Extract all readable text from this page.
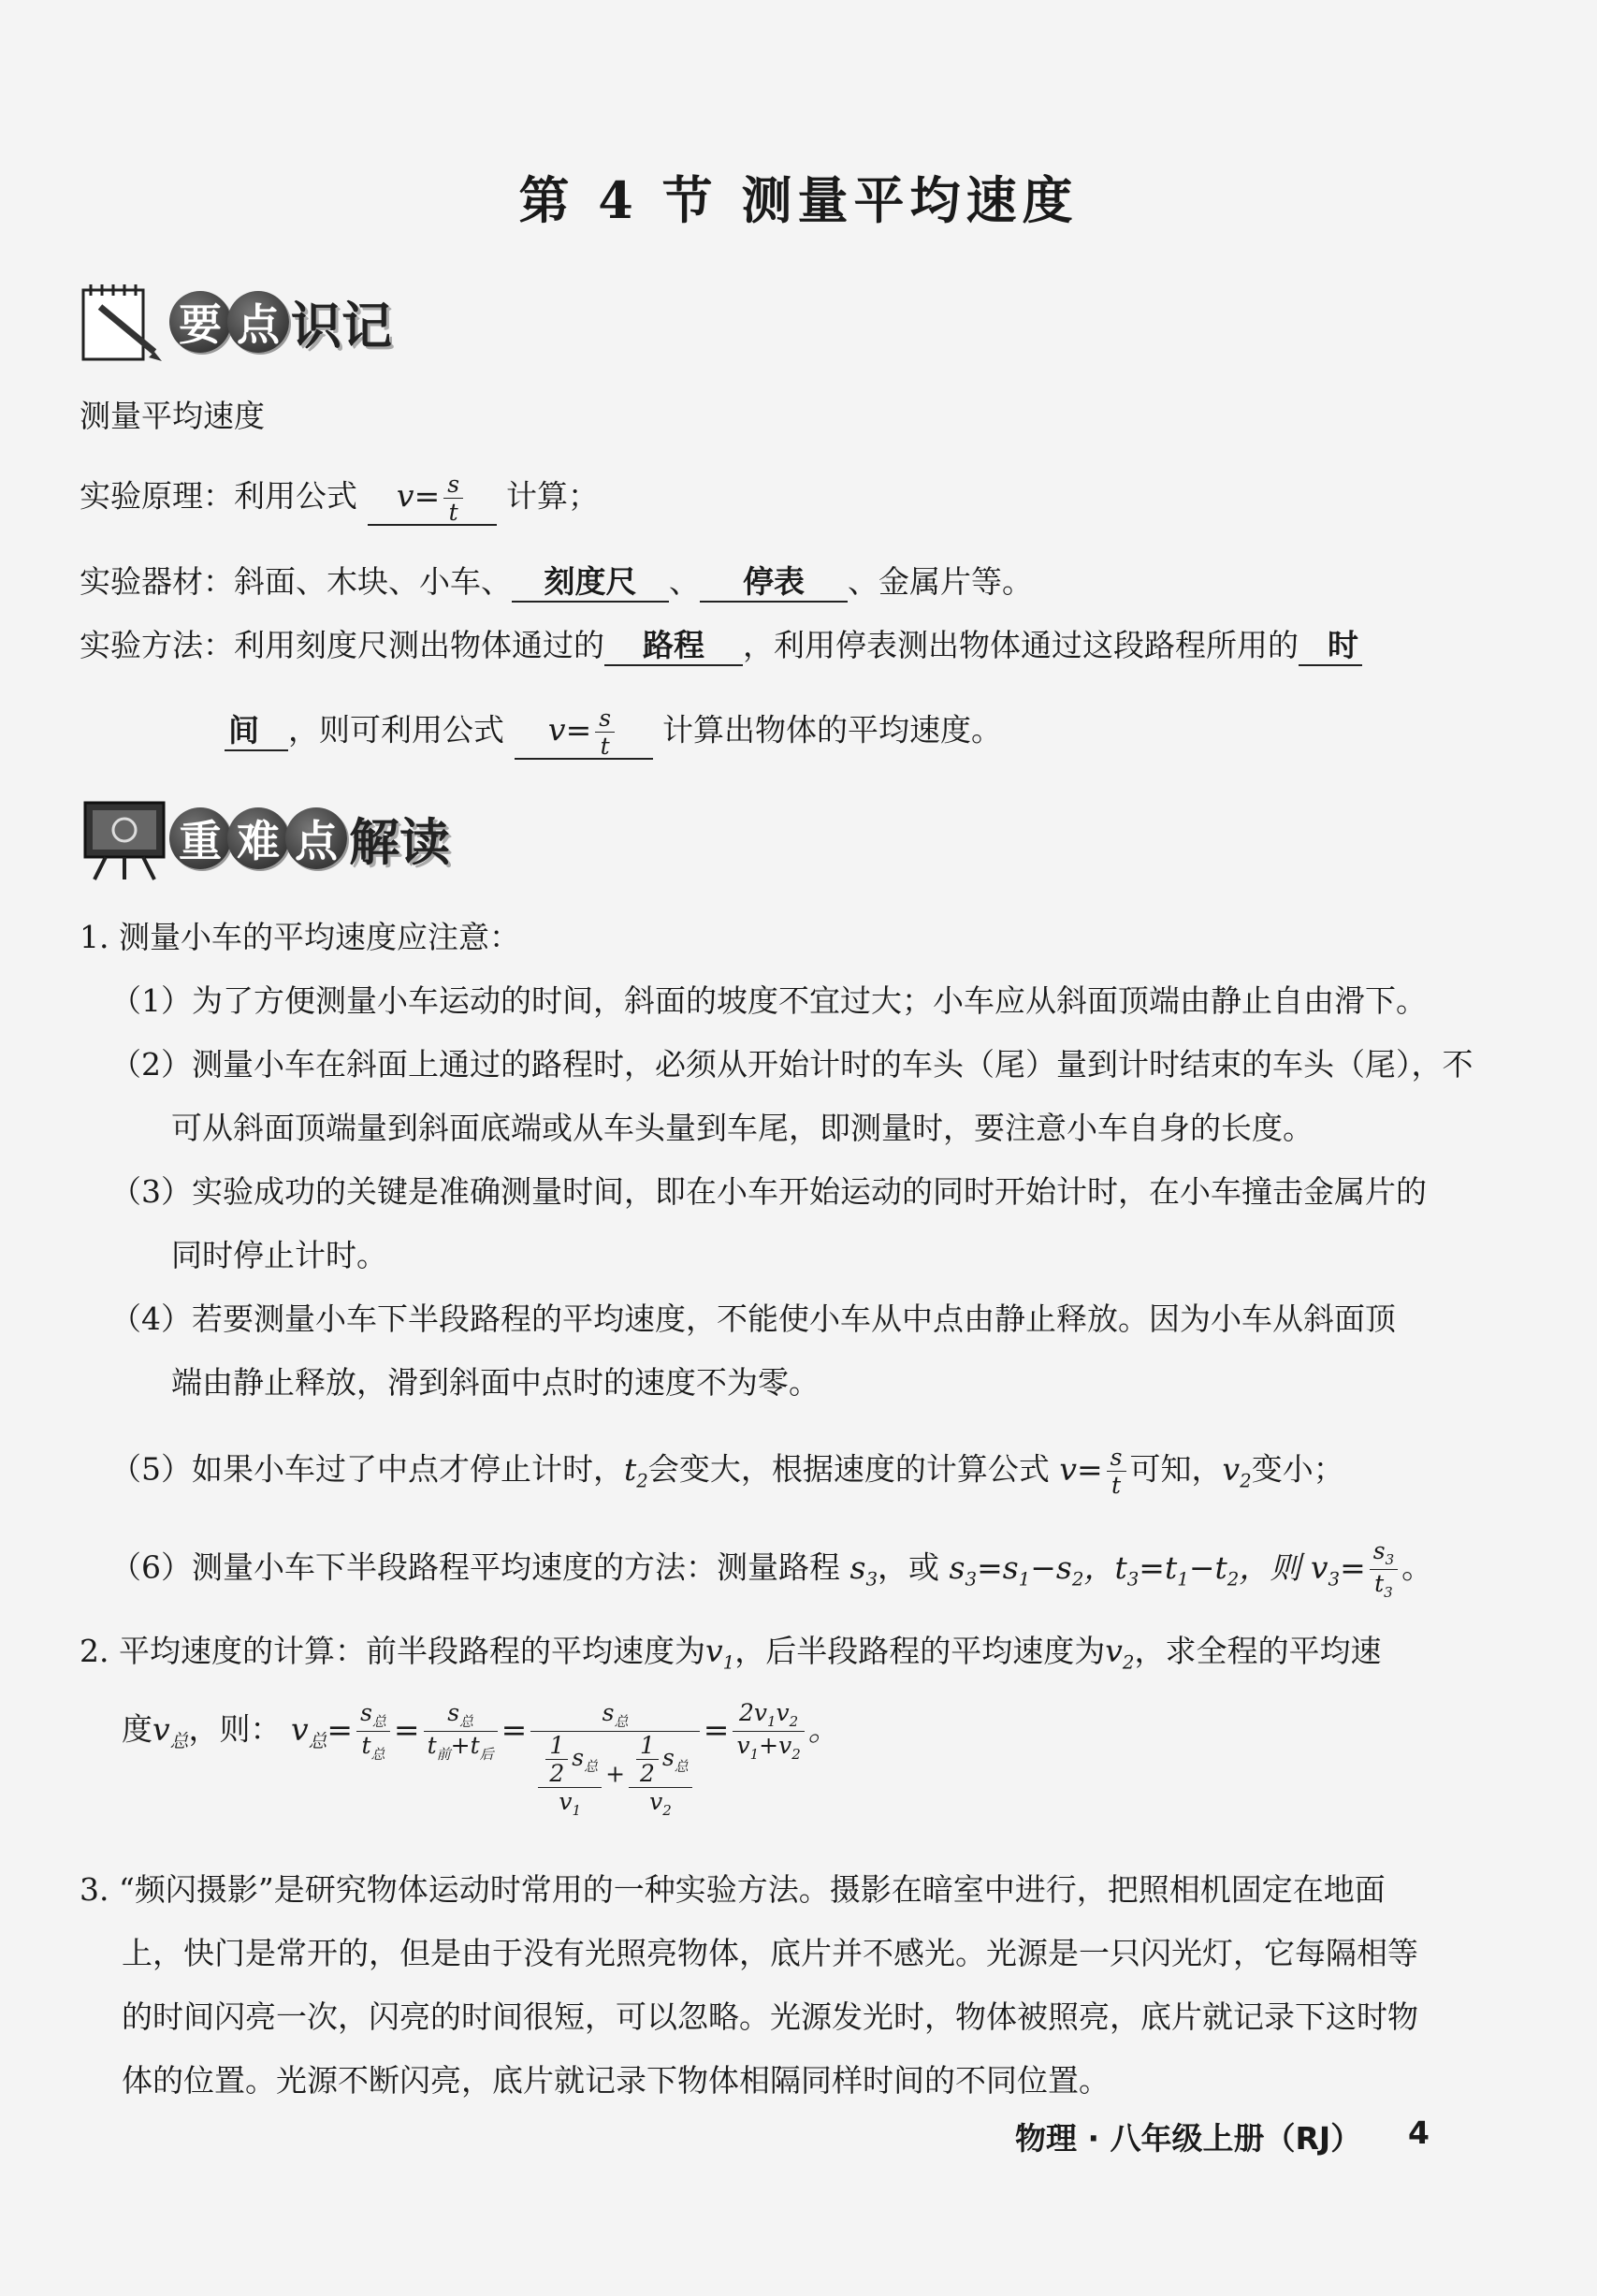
第 4 节 测量平均速度
要 点 识记
测量平均速度
实验原理：利用公式 $v= \frac{s}{t}$ 计算；
实验器材：斜面、木块、小车、 刻度尺 、 停表 、金属片等。
实验方法：利用刻度尺测出物体通过的 路程 ，利用停表测出物体通过这段路程所用的 时
间 ，则可利用公式 $v= \frac{s}{t}$ 计算出物体的平均速度。
重 难 点 解读
1. 测量小车的平均速度应注意：
（1）为了方便测量小车运动的时间，斜面的坡度不宜过大；小车应从斜面顶端由静止自由滑下。
（2）测量小车在斜面上通过的路程时，必须从开始计时的车头（尾）量到计时结束的车头（尾），不
可从斜面顶端量到斜面底端或从车头量到车尾，即测量时，要注意小车自身的长度。
（3）实验成功的关键是准确测量时间，即在小车开始运动的同时开始计时，在小车撞击金属片的
同时停止计时。
（4）若要测量小车下半段路程的平均速度，不能使小车从中点由静止释放。因为小车从斜面顶
端由静止释放，滑到斜面中点时的速度不为零。
（5）如果小车过了中点才停止计时，$t_2$会变大，根据速度的计算公式 $v= \frac{s}{t}$ 可知，$v_2$变小；
（6）测量小车下半段路程平均速度的方法：测量路程 $s_3$，或 $s_3=s_1-s_2$，$t_3=t_1-t_2$，则 $v_3= \frac{s_3}{t_3}$ 。
2. 平均速度的计算：前半段路程的平均速度为$v_1$，后半段路程的平均速度为$v_2$，求全程的平均速
度$v_总$，则： $v_总= \frac{s_总}{t_总} = \frac{s_总}{t_前+t_后} = \frac{s_总}{\frac{\frac{1}{2} s_总}{v_1} + \frac{\frac{1}{2} s_总}{v_2}} = \frac{2v_1v_2}{v_1+v_2}$ 。
3. “频闪摄影”是研究物体运动时常用的一种实验方法。摄影在暗室中进行，把照相机固定在地面
上，快门是常开的，但是由于没有光照亮物体，底片并不感光。光源是一只闪光灯，它每隔相等
的时间闪亮一次，闪亮的时间很短，可以忽略。光源发光时，物体被照亮，底片就记录下这时物
体的位置。光源不断闪亮，底片就记录下物体相隔同样时间的不同位置。
物理 · 八年级上册（RJ） 4
